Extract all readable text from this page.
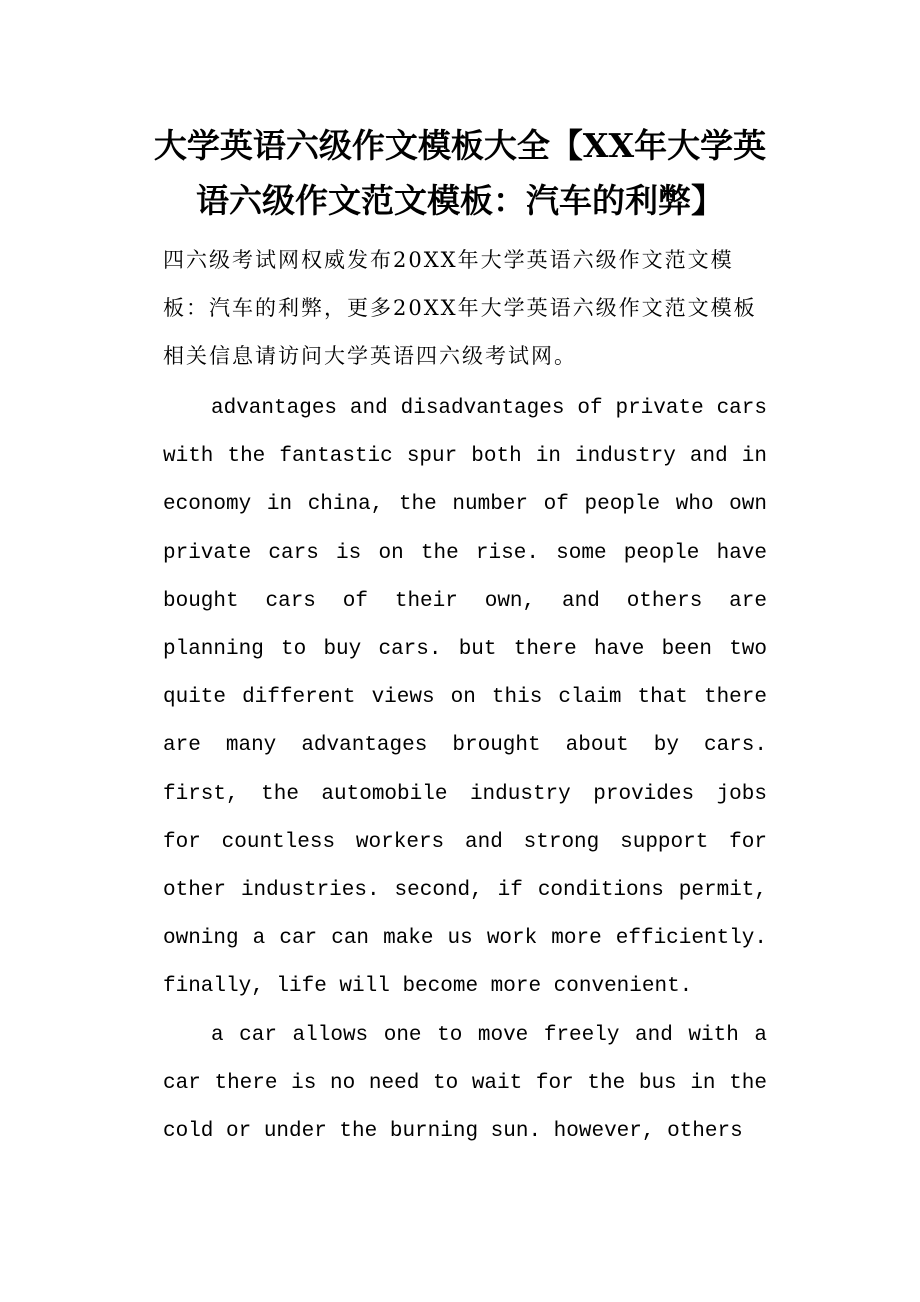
大学英语六级作文模板大全【XX年大学英语六级作文范文模板：汽车的利弊】

四六级考试网权威发布20XX年大学英语六级作文范文模板：汽车的利弊，更多20XX年大学英语六级作文范文模板相关信息请访问大学英语四六级考试网。

advantages and disadvantages of private cars with the fantastic spur both in industry and in economy in china, the number of people who own private cars is on the rise. some people have bought cars of their own, and others are planning to buy cars. but there have been two quite different views on this claim that there are many advantages brought about by cars. first, the automobile industry provides jobs for countless workers and strong support for other industries. second, if conditions permit, owning a car can make us work more efficiently. finally, life will become more convenient.

a car allows one to move freely and with a car there is no need to wait for the bus in the cold or under the burning sun. however, others
